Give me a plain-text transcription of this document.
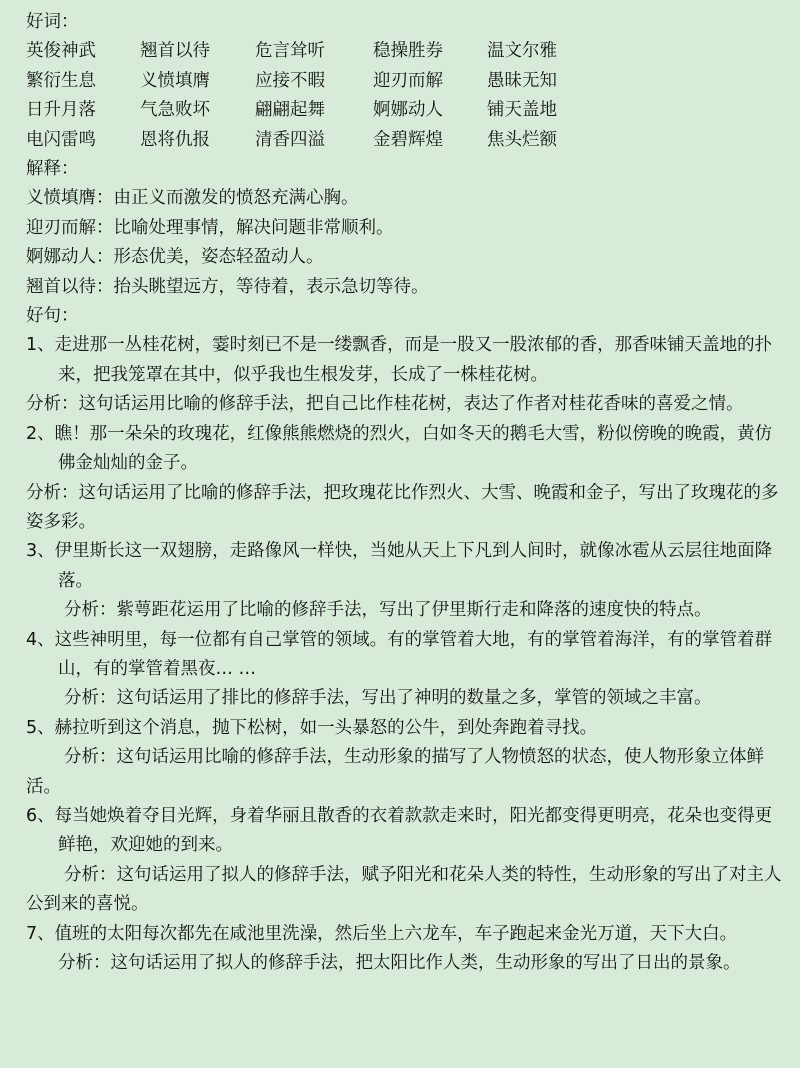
好词：
英俊神武	翘首以待	危言耸听	稳操胜券	温文尔雅
繁衍生息	义愤填膺	应接不暇	迎刃而解	愚昧无知
日升月落	气急败坏	翩翩起舞	婀娜动人	铺天盖地
电闪雷鸣	恩将仇报	清香四溢	金碧辉煌	焦头烂额
解释：
义愤填膺：由正义而激发的愤怒充满心胸。
迎刃而解：比喻处理事情，解决问题非常顺利。
婀娜动人：形态优美，姿态轻盈动人。
翘首以待：抬头眺望远方，等待着，表示急切等待。
好句：
1、走进那一丛桂花树，霎时刻已不是一缕飘香，而是一股又一股浓郁的香，那香味铺天盖地的扑来，把我笼罩在其中，似乎我也生根发芽，长成了一株桂花树。
分析：这句话运用比喻的修辞手法，把自己比作桂花树，表达了作者对桂花香味的喜爱之情。
2、瞧！那一朵朵的玫瑰花，红像熊熊燃烧的烈火，白如冬天的鹅毛大雪，粉似傍晚的晚霞，黄仿佛金灿灿的金子。
分析：这句话运用了比喻的修辞手法，把玫瑰花比作烈火、大雪、晚霞和金子，写出了玫瑰花的多姿多彩。
3、伊里斯长这一双翅膀，走路像风一样快，当她从天上下凡到人间时，就像冰雹从云层往地面降落。
分析：紫萼距花运用了比喻的修辞手法，写出了伊里斯行走和降落的速度快的特点。
4、这些神明里，每一位都有自己掌管的领域。有的掌管着大地，有的掌管着海洋，有的掌管着群山，有的掌管着黑夜… …
分析：这句话运用了排比的修辞手法，写出了神明的数量之多，掌管的领域之丰富。
5、赫拉听到这个消息，抛下松树，如一头暴怒的公牛，到处奔跑着寻找。
分析：这句话运用比喻的修辞手法，生动形象的描写了人物愤怒的状态，使人物形象立体鲜活。
6、每当她焕着夺目光辉，身着华丽且散香的衣着款款走来时，阳光都变得更明亮，花朵也变得更鲜艳，欢迎她的到来。
分析：这句话运用了拟人的修辞手法，赋予阳光和花朵人类的特性，生动形象的写出了对主人公到来的喜悦。
7、值班的太阳每次都先在咸池里洗澡，然后坐上六龙车，车子跑起来金光万道，天下大白。
分析：这句话运用了拟人的修辞手法，把太阳比作人类，生动形象的写出了日出的景象。
